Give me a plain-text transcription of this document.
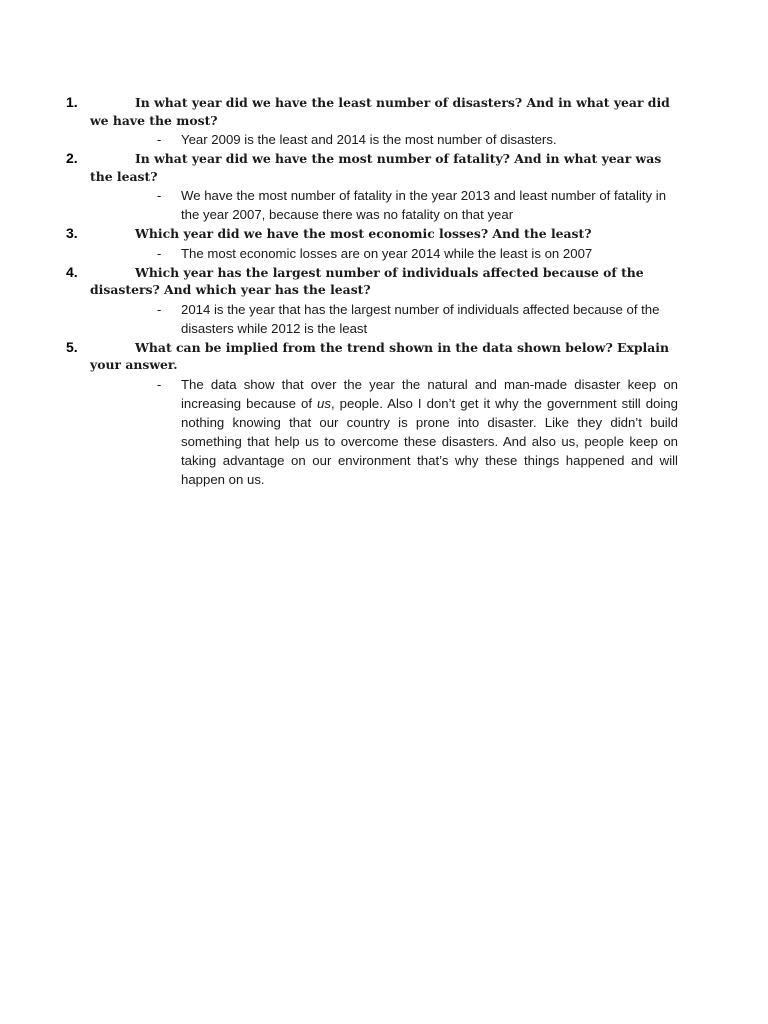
1.	In what year did we have the least number of disasters? And in what year did we have the most?
- Year 2009 is the least and 2014 is the most number of disasters.
2.	In what year did we have the most number of fatality? And in what year was the least?
- We have the most number of fatality in the year 2013 and least number of fatality in the year 2007, because there was no fatality on that year
3.	Which year did we have the most economic losses? And the least?
- The most economic losses are on year 2014 while the least is on 2007
4.	Which year has the largest number of individuals affected because of the disasters? And which year has the least?
- 2014 is the year that has the largest number of individuals affected because of the disasters while 2012 is the least
5.	What can be implied from the trend shown in the data shown below? Explain your answer.
- The data show that over the year the natural and man-made disaster keep on increasing because of us, people. Also I don’t get it why the government still doing nothing knowing that our country is prone into disaster. Like they didn’t build something that help us to overcome these disasters. And also us, people keep on taking advantage on our environment that’s why these things happened and will happen on us.
